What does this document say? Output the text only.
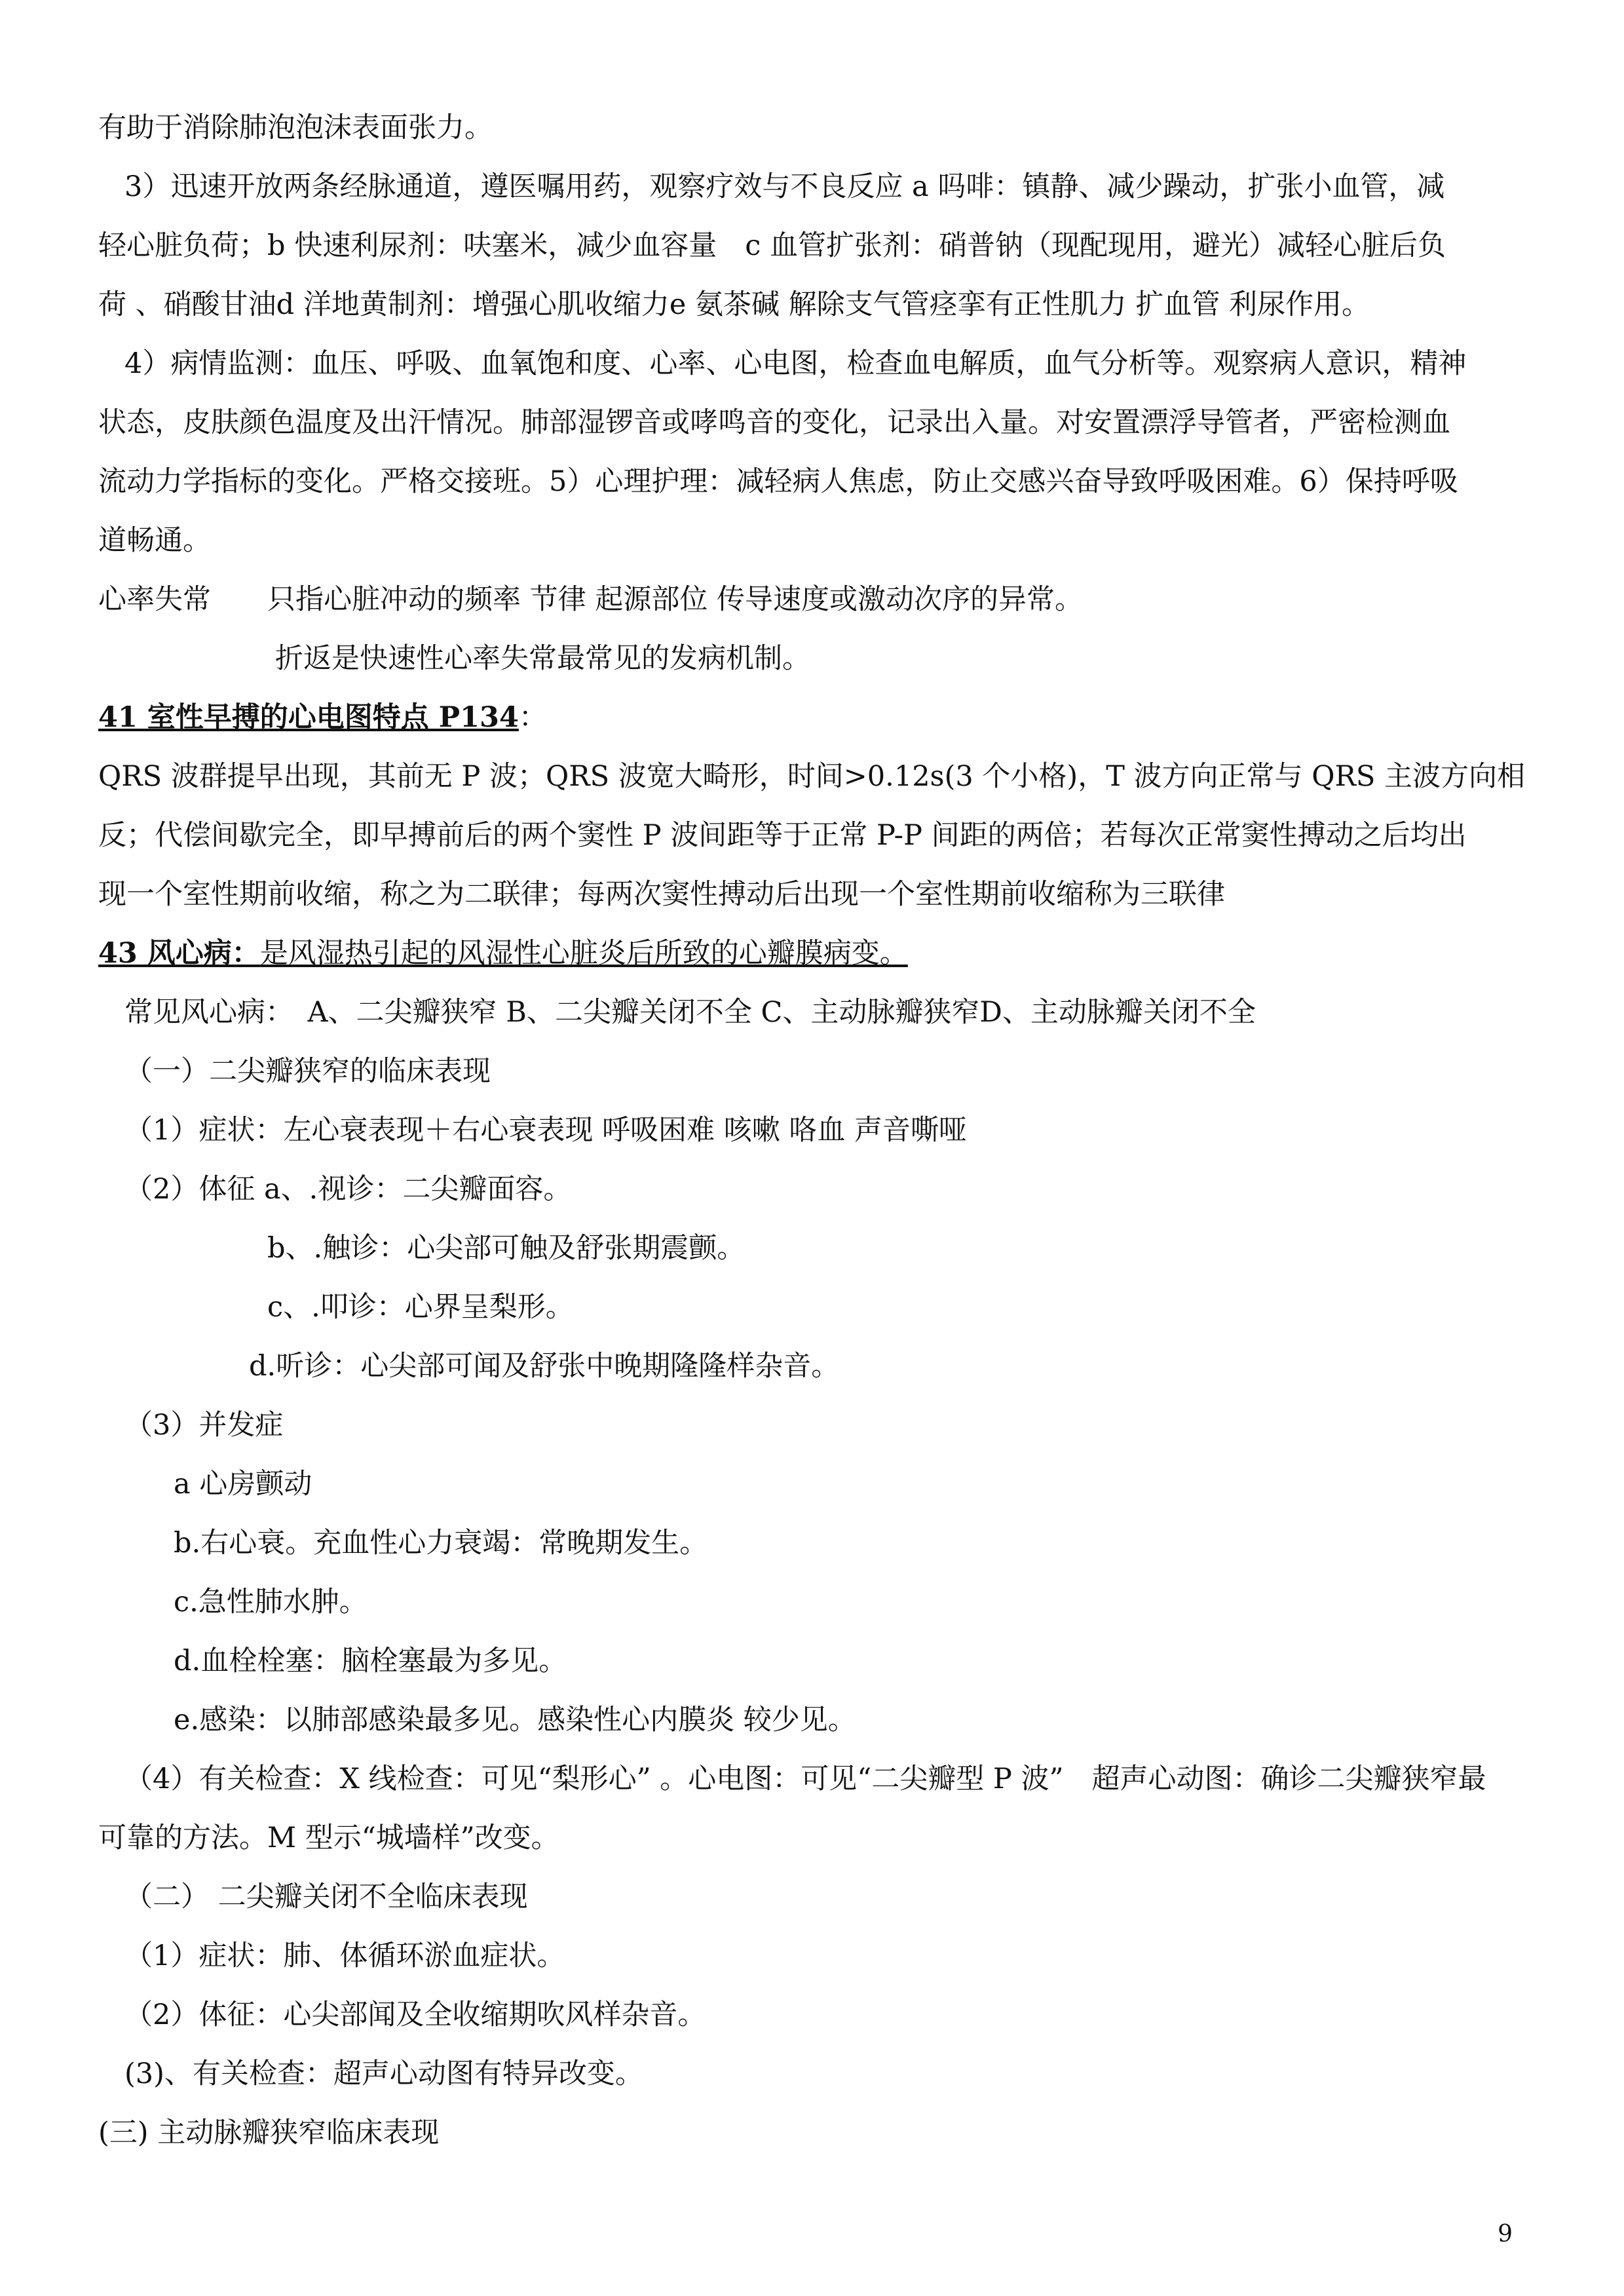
有助于消除肺泡泡沫表面张力。

3）迅速开放两条经脉通道，遵医嘱用药，观察疗效与不良反应 a 吗啡：镇静、减少躁动，扩张小血管，减

轻心脏负荷；b 快速利尿剂：呋塞米，减少血容量　c 血管扩张剂：硝普钠（现配现用，避光）减轻心脏后负

荷 、硝酸甘油d 洋地黄制剂：增强心肌收缩力e 氨茶碱 解除支气管痉挛有正性肌力 扩血管 利尿作用。

4）病情监测：血压、呼吸、血氧饱和度、心率、心电图，检查血电解质，血气分析等。观察病人意识，精神

状态，皮肤颜色温度及出汗情况。肺部湿锣音或哮鸣音的变化，记录出入量。对安置漂浮导管者，严密检测血

流动力学指标的变化。严格交接班。5）心理护理：减轻病人焦虑，防止交感兴奋导致呼吸困难。6）保持呼吸

道畅通。

心率失常　　只指心脏冲动的频率 节律 起源部位 传导速度或激动次序的异常。

折返是快速性心率失常最常见的发病机制。

41 室性早搏的心电图特点 P134：

QRS 波群提早出现，其前无 P 波；QRS 波宽大畸形，时间>0.12s(3 个小格)，T 波方向正常与 QRS 主波方向相

反；代偿间歇完全，即早搏前后的两个窦性 P 波间距等于正常 P-P 间距的两倍；若每次正常窦性搏动之后均出

现一个室性期前收缩，称之为二联律；每两次窦性搏动后出现一个室性期前收缩称为三联律

43 风心病：是风湿热引起的风湿性心脏炎后所致的心瓣膜病变。

常见风心病：　A、二尖瓣狭窄 B、二尖瓣关闭不全 C、主动脉瓣狭窄D、主动脉瓣关闭不全

（一）二尖瓣狭窄的临床表现

（1）症状：左心衰表现＋右心衰表现 呼吸困难 咳嗽 咯血 声音嘶哑

（2）体征 a、.视诊：二尖瓣面容。

b、.触诊：心尖部可触及舒张期震颤。

c、.叩诊：心界呈梨形。

d.听诊：心尖部可闻及舒张中晚期隆隆样杂音。

（3）并发症

a 心房颤动

b.右心衰。充血性心力衰竭：常晚期发生。

c.急性肺水肿。

d.血栓栓塞：脑栓塞最为多见。

e.感染：以肺部感染最多见。感染性心内膜炎 较少见。

（4）有关检查：X 线检查：可见“梨形心” 。心电图：可见“二尖瓣型 P 波”　超声心动图：确诊二尖瓣狭窄最

可靠的方法。M 型示“城墙样”改变。

（二） 二尖瓣关闭不全临床表现

（1）症状：肺、体循环淤血症状。

（2）体征：心尖部闻及全收缩期吹风样杂音。

(3)、有关检查：超声心动图有特异改变。

(三) 主动脉瓣狭窄临床表现

9
